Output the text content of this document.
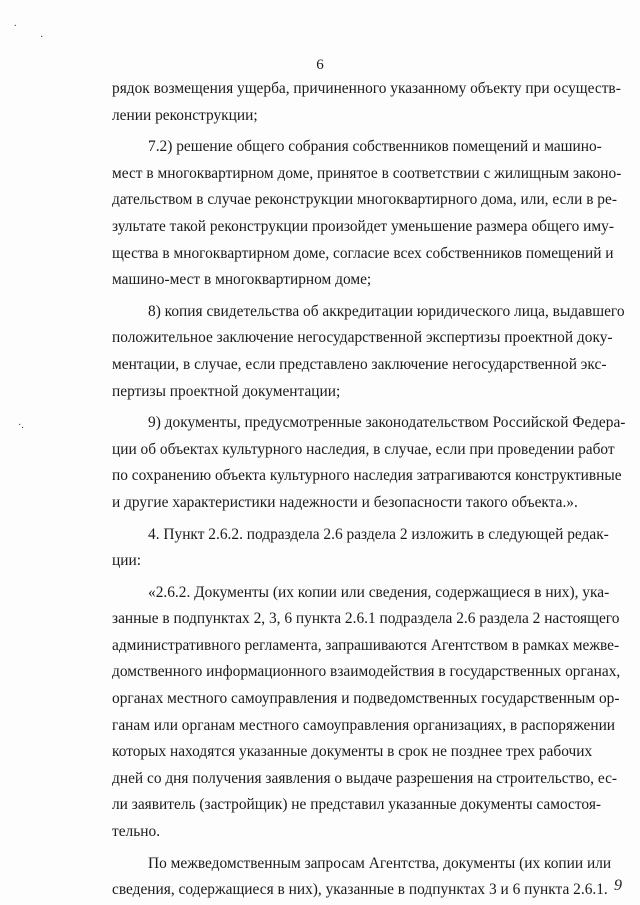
.
·
·.
6
рядок возмещения ущерба, причиненного указанному объекту при осуществ-
лении реконструкции;
7.2) решение общего собрания собственников помещений и машино-
мест в многоквартирном доме, принятое в соответствии с жилищным законо-
дательством в случае реконструкции многоквартирного дома, или, если в ре-
зультате такой реконструкции произойдет уменьшение размера общего иму-
щества в многоквартирном доме, согласие всех собственников помещений и
машино-мест в многоквартирном доме;
8) копия свидетельства об аккредитации юридического лица, выдавшего
положительное заключение негосударственной экспертизы проектной доку-
ментации, в случае, если представлено заключение негосударственной экс-
пертизы проектной документации;
9) документы, предусмотренные законодательством Российской Федера-
ции об объектах культурного наследия, в случае, если при проведении работ
по сохранению объекта культурного наследия затрагиваются конструктивные
и другие характеристики надежности и безопасности такого объекта.».
4. Пункт 2.6.2. подраздела 2.6 раздела 2 изложить в следующей редак-
ции:
«2.6.2. Документы (их копии или сведения, содержащиеся в них), ука-
занные в подпунктах 2, 3, 6 пункта 2.6.1 подраздела 2.6 раздела 2 настоящего
административного регламента, запрашиваются Агентством в рамках межве-
домственного информационного взаимодействия в государственных органах,
органах местного самоуправления и подведомственных государственным ор-
ганам или органам местного самоуправления организациях, в распоряжении
которых находятся указанные документы в срок не позднее трех рабочих
дней со дня получения заявления о выдаче разрешения на строительство, ес-
ли заявитель (застройщик) не представил указанные документы самостоя-
тельно.
По межведомственным запросам Агентства, документы (их копии или
сведения, содержащиеся в них), указанные в подпунктах 3 и 6 пункта 2.6.1. 9
